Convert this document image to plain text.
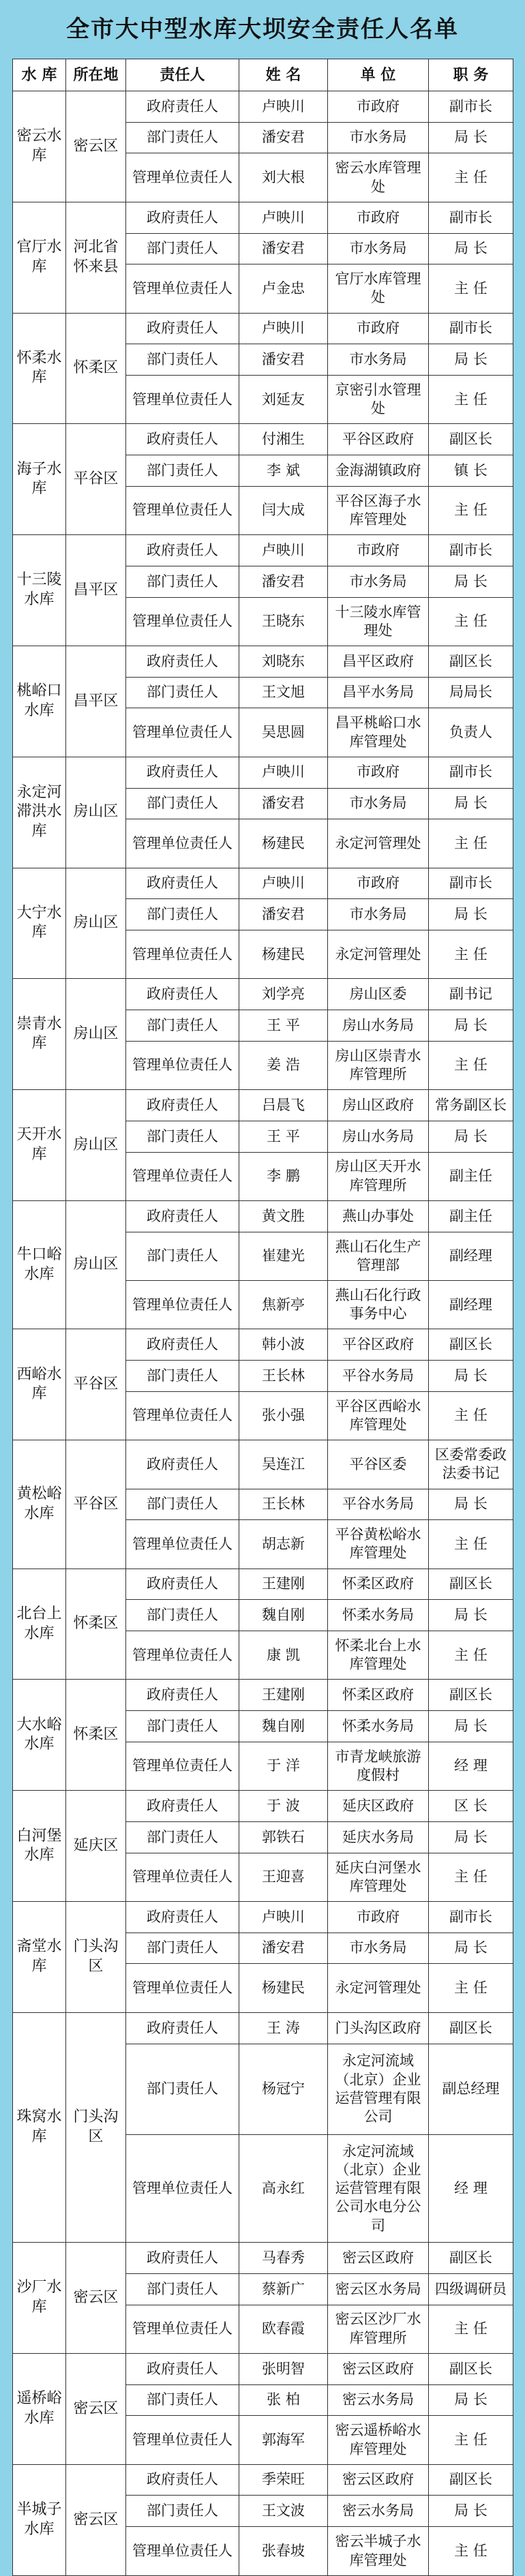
全市大中型水库大坝安全责任人名单
水 库	所在地	责任人	姓 名	单 位	职 务
密云水库	密云区	政府责任人	卢映川	市政府	副市长
		部门责任人	潘安君	市水务局	局 长
		管理单位责任人	刘大根	密云水库管理处	主 任
官厅水库	河北省怀来县	政府责任人	卢映川	市政府	副市长
		部门责任人	潘安君	市水务局	局 长
		管理单位责任人	卢金忠	官厅水库管理处	主 任
怀柔水库	怀柔区	政府责任人	卢映川	市政府	副市长
		部门责任人	潘安君	市水务局	局 长
		管理单位责任人	刘延友	京密引水管理处	主 任
海子水库	平谷区	政府责任人	付湘生	平谷区政府	副区长
		部门责任人	李 斌	金海湖镇政府	镇 长
		管理单位责任人	闫大成	平谷区海子水库管理处	主 任
十三陵水库	昌平区	政府责任人	卢映川	市政府	副市长
		部门责任人	潘安君	市水务局	局 长
		管理单位责任人	王晓东	十三陵水库管理处	主 任
桃峪口水库	昌平区	政府责任人	刘晓东	昌平区政府	副区长
		部门责任人	王文旭	昌平水务局	局局长
		管理单位责任人	吴思圆	昌平桃峪口水库管理处	负责人
永定河滞洪水库	房山区	政府责任人	卢映川	市政府	副市长
		部门责任人	潘安君	市水务局	局 长
		管理单位责任人	杨建民	永定河管理处	主 任
大宁水库	房山区	政府责任人	卢映川	市政府	副市长
		部门责任人	潘安君	市水务局	局 长
		管理单位责任人	杨建民	永定河管理处	主 任
崇青水库	房山区	政府责任人	刘学亮	房山区委	副书记
		部门责任人	王 平	房山水务局	局 长
		管理单位责任人	姜 浩	房山区崇青水库管理所	主 任
天开水库	房山区	政府责任人	吕晨飞	房山区政府	常务副区长
		部门责任人	王 平	房山水务局	局 长
		管理单位责任人	李 鹏	房山区天开水库管理所	副主任
牛口峪水库	房山区	政府责任人	黄文胜	燕山办事处	副主任
		部门责任人	崔建光	燕山石化生产管理部	副经理
		管理单位责任人	焦新亭	燕山石化行政事务中心	副经理
西峪水库	平谷区	政府责任人	韩小波	平谷区政府	副区长
		部门责任人	王长林	平谷水务局	局 长
		管理单位责任人	张小强	平谷区西峪水库管理处	主 任
黄松峪水库	平谷区	政府责任人	吴连江	平谷区委	区委常委政法委书记
		部门责任人	王长林	平谷水务局	局 长
		管理单位责任人	胡志新	平谷黄松峪水库管理处	主 任
北台上水库	怀柔区	政府责任人	王建刚	怀柔区政府	副区长
		部门责任人	魏自刚	怀柔水务局	局 长
		管理单位责任人	康 凯	怀柔北台上水库管理处	主 任
大水峪水库	怀柔区	政府责任人	王建刚	怀柔区政府	副区长
		部门责任人	魏自刚	怀柔水务局	局 长
		管理单位责任人	于 洋	市青龙峡旅游度假村	经 理
白河堡水库	延庆区	政府责任人	于 波	延庆区政府	区 长
		部门责任人	郭铁石	延庆水务局	局 长
		管理单位责任人	王迎喜	延庆白河堡水库管理处	主 任
斋堂水库	门头沟区	政府责任人	卢映川	市政府	副市长
		部门责任人	潘安君	市水务局	局 长
		管理单位责任人	杨建民	永定河管理处	主 任
珠窝水库	门头沟区	政府责任人	王 涛	门头沟区政府	副区长
		部门责任人	杨冠宁	永定河流域（北京）企业运营管理有限公司	副总经理
		管理单位责任人	高永红	永定河流域（北京）企业运营管理有限公司水电分公司	经 理
沙厂水库	密云区	政府责任人	马春秀	密云区政府	副区长
		部门责任人	蔡新广	密云区水务局	四级调研员
		管理单位责任人	欧春霞	密云区沙厂水库管理所	主 任
遥桥峪水库	密云区	政府责任人	张明智	密云区政府	副区长
		部门责任人	张 柏	密云水务局	局 长
		管理单位责任人	郭海军	密云遥桥峪水库管理处	主 任
半城子水库	密云区	政府责任人	季荣旺	密云区政府	副区长
		部门责任人	王文波	密云水务局	局 长
		管理单位责任人	张春坡	密云半城子水库管理处	主 任
